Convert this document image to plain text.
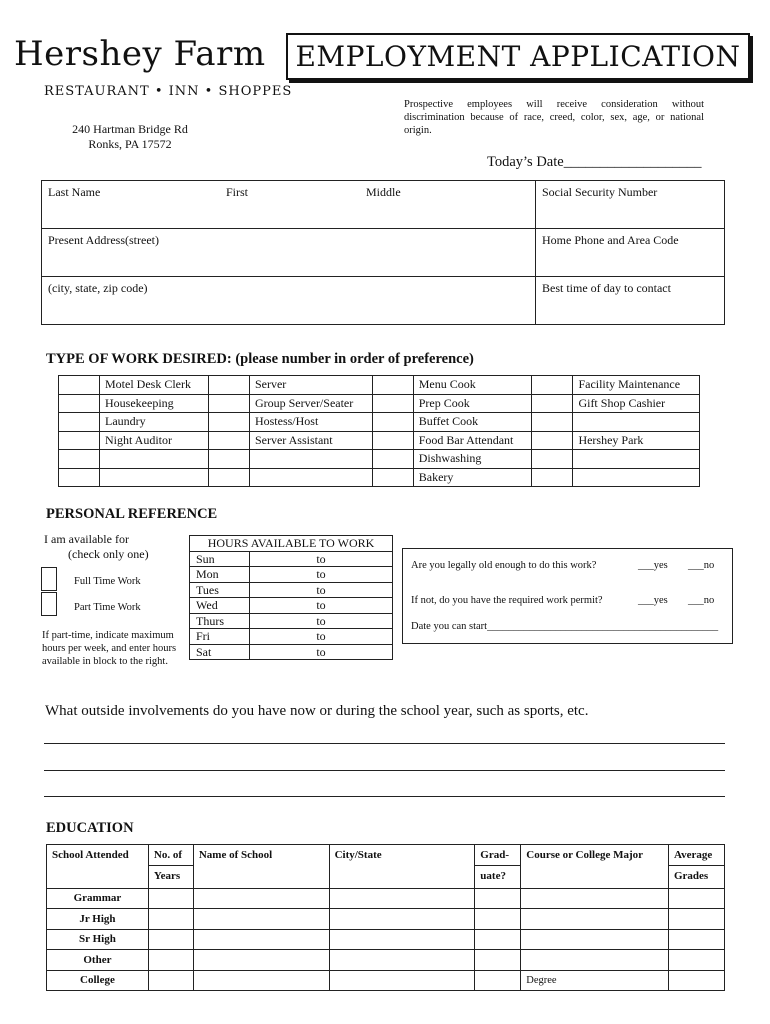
Hershey Farm
RESTAURANT • INN • SHOPPES
EMPLOYMENT APPLICATION
240 Hartman Bridge Rd
Ronks, PA 17572
Prospective employees will receive consideration without discrimination because of race, creed, color, sex, age, or national origin.
Today’s Date___________________
Last Name First Middle	Social Security Number
Present Address(street)	Home Phone and Area Code
(city, state, zip code)	Best time of day to contact
TYPE OF WORK DESIRED: (please number in order of preference)
	Motel Desk Clerk		Server		Menu Cook		Facility Maintenance
	Housekeeping		Group Server/Seater		Prep Cook		Gift Shop Cashier
	Laundry		Hostess/Host		Buffet Cook		
	Night Auditor		Server Assistant		Food Bar Attendant		Hershey Park
					Dishwashing		
					Bakery		
PERSONAL REFERENCE
I am available for
(check only one)
Full Time Work
Part Time Work
If part-time, indicate maximum hours per week, and enter hours available in block to the right.
HOURS AVAILABLE TO WORK	
Sun	to
Mon	to
Tues	to
Wed	to
Thurs	to
Fri	to
Sat	to
Are you legally old enough to do this work?	___yes ___no
If not, do you have the required work permit?	___yes ___no
Date you can start____________________________________________
What outside involvements do you have now or during the school year, such as sports, etc.
EDUCATION
School Attended	No. of	Name of School	City/State	Grad-	Course or College Major	Average
	Years			uate?		Grades
Grammar						
Jr High						
Sr High						
Other						
College					Degree	
